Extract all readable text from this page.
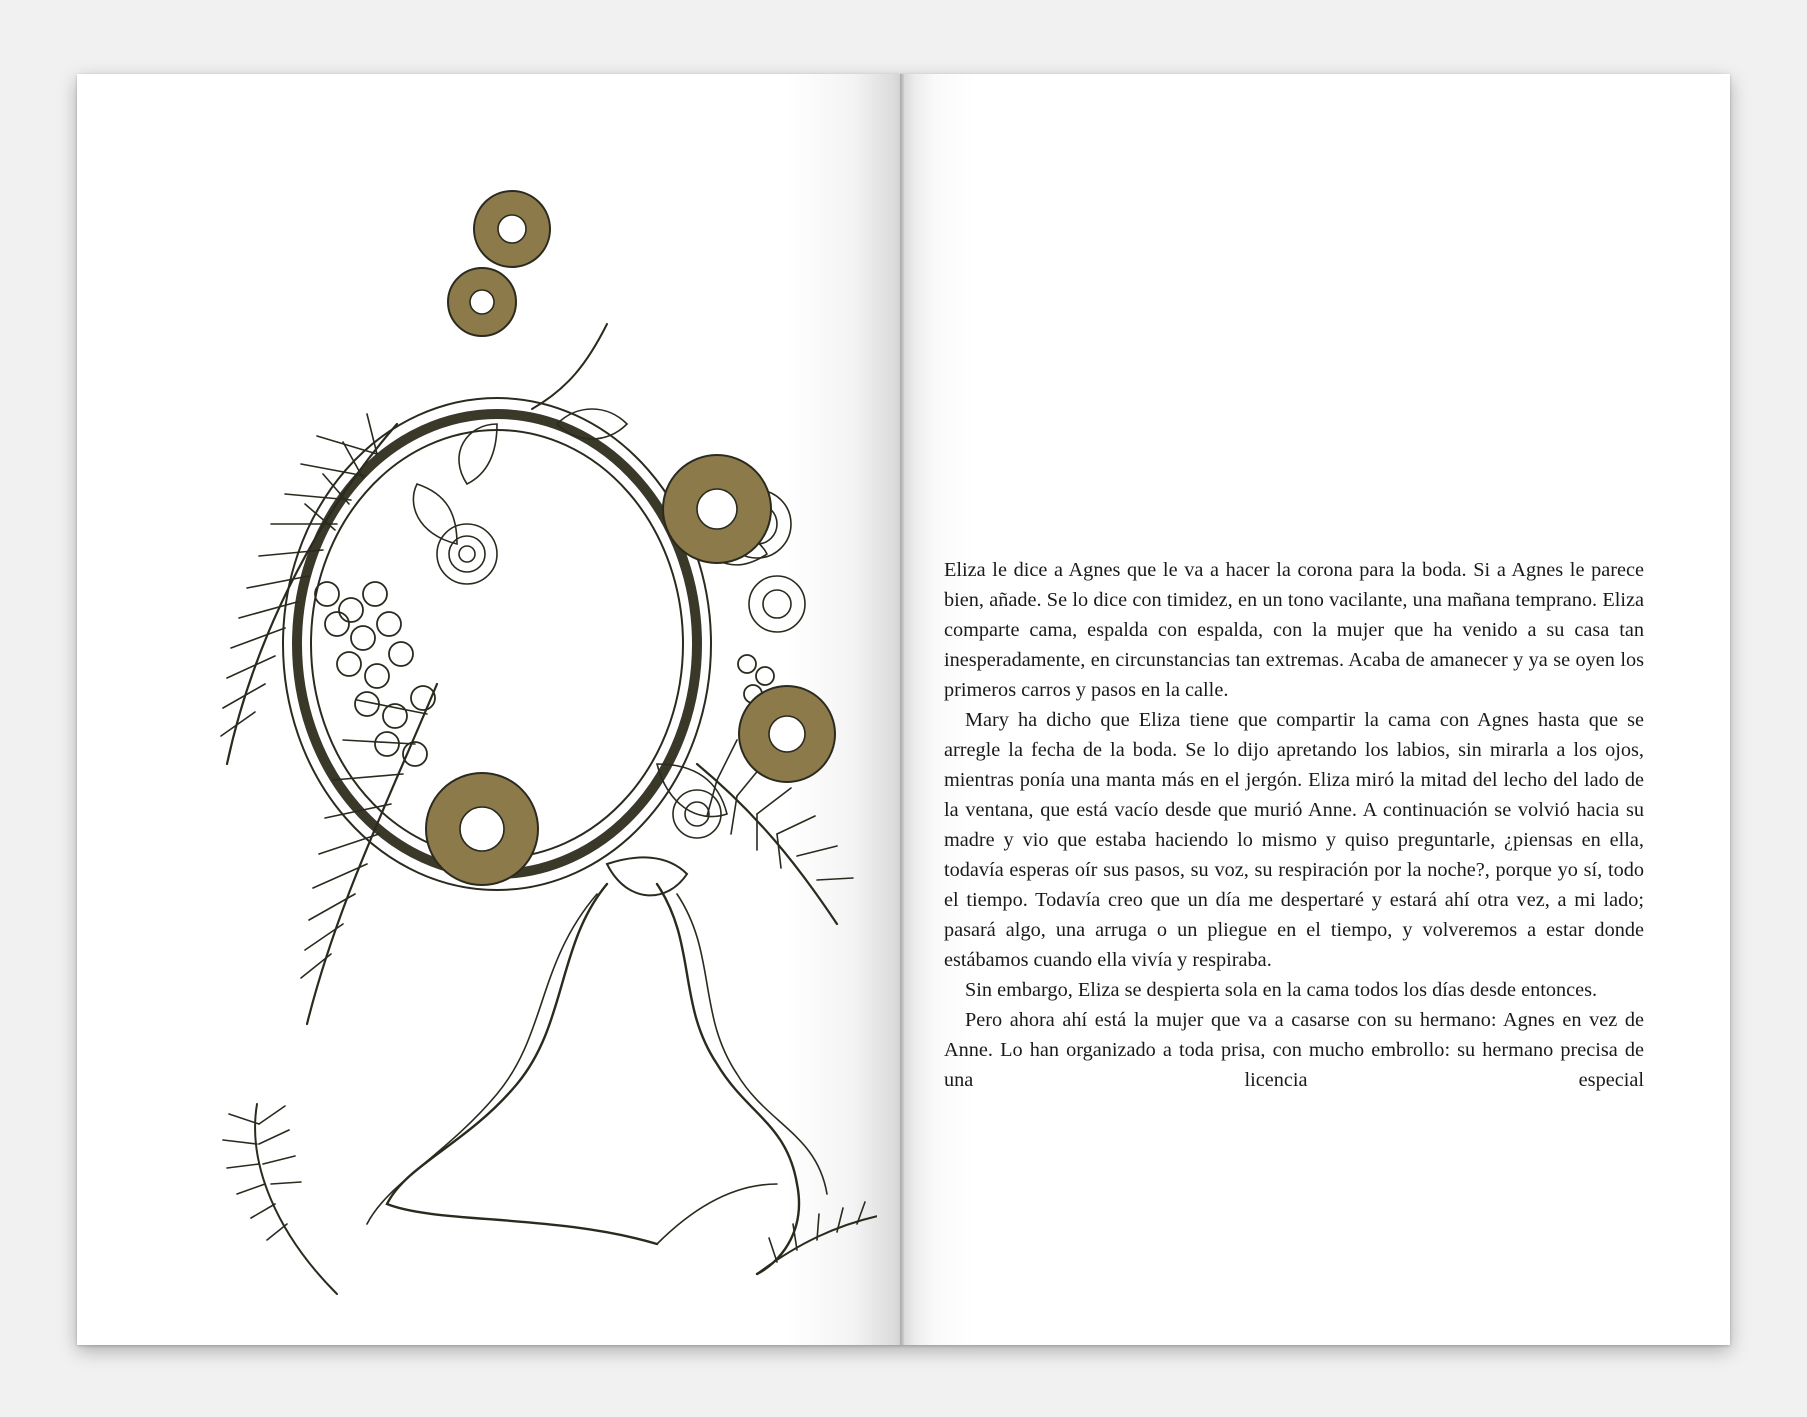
Eliza le dice a Agnes que le va a hacer la corona para la boda. Si a Agnes le parece bien, añade. Se lo dice con timidez, en un tono vacilante, una mañana temprano. Eliza comparte cama, espalda con espalda, con la mujer que ha venido a su casa tan inesperadamente, en circunstancias tan extremas. Acaba de amanecer y ya se oyen los primeros carros y pasos en la calle.

Mary ha dicho que Eliza tiene que compartir la cama con Agnes hasta que se arregle la fecha de la boda. Se lo dijo apretando los labios, sin mirarla a los ojos, mientras ponía una manta más en el jergón. Eliza miró la mitad del lecho del lado de la ventana, que está vacío desde que murió Anne. A continuación se volvió hacia su madre y vio que estaba haciendo lo mismo y quiso preguntarle, ¿piensas en ella, todavía esperas oír sus pasos, su voz, su respiración por la noche?, porque yo sí, todo el tiempo. Todavía creo que un día me despertaré y estará ahí otra vez, a mi lado; pasará algo, una arruga o un pliegue en el tiempo, y volveremos a estar donde estábamos cuando ella vivía y respiraba.

Sin embargo, Eliza se despierta sola en la cama todos los días desde entonces.

Pero ahora ahí está la mujer que va a casarse con su hermano: Agnes en vez de Anne. Lo han organizado a toda prisa, con mucho embrollo: su hermano precisa de una licencia especial
